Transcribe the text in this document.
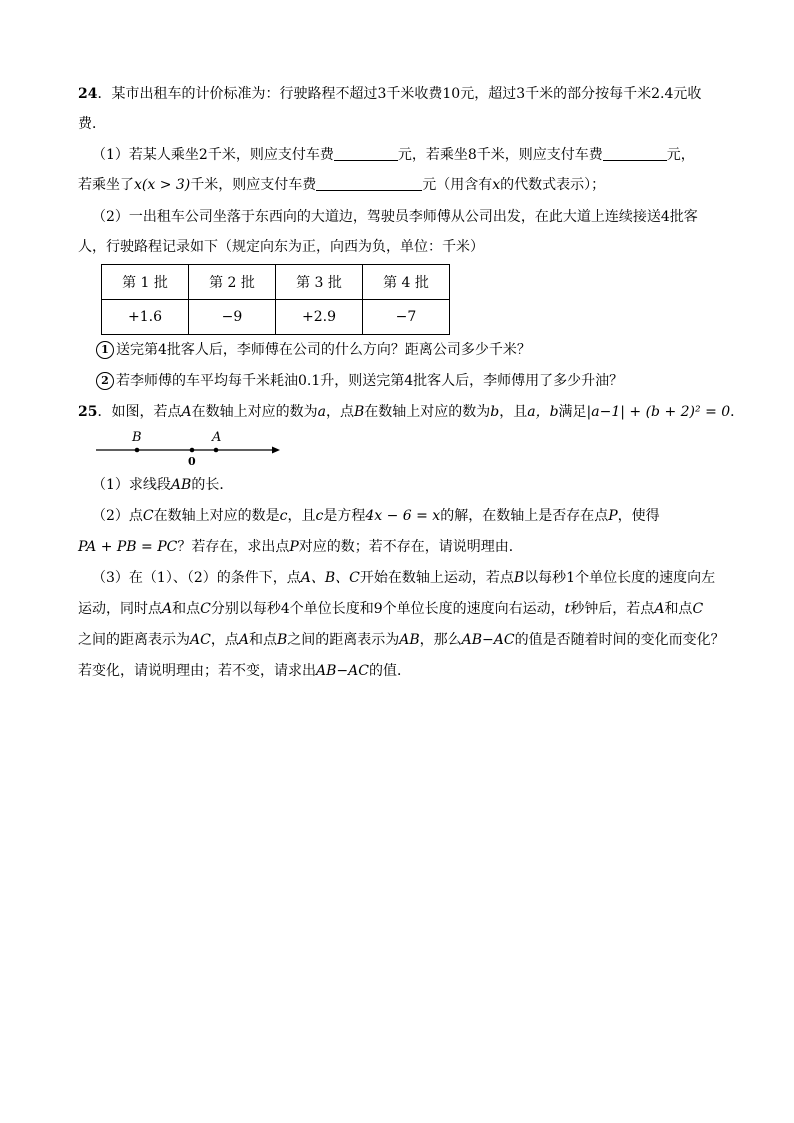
24．某市出租车的计价标准为：行驶路程不超过3千米收费10元，超过3千米的部分按每千米2.4元收
费．
（1）若某人乘坐2千米，则应支付车费	元，若乘坐8千米，则应支付车费	元，
若乘坐了x(x > 3)千米，则应支付车费	元（用含有x的代数式表示）；
（2）一出租车公司坐落于东西向的大道边，驾驶员李师傅从公司出发，在此大道上连续接送4批客
人，行驶路程记录如下（规定向东为正，向西为负，单位：千米）
第 1 批	第 2 批	第 3 批	第 4 批
+1.6	−9	+2.9	−7
1 送完第4批客人后，李师傅在公司的什么方向？距离公司多少千米？
2 若李师傅的车平均每千米耗油0.1升，则送完第4批客人后，李师傅用了多少升油？
25．如图，若点A在数轴上对应的数为a，点B在数轴上对应的数为b，且a，b满足|a−1| + (b + 2)² = 0．
B	A
0
（1）求线段AB的长．
（2）点C在数轴上对应的数是c，且c是方程4x − 6 = x的解，在数轴上是否存在点P，使得
PA + PB = PC？若存在，求出点P对应的数；若不存在，请说明理由．
（3）在（1）、（2）的条件下，点A、B、C开始在数轴上运动，若点B以每秒1个单位长度的速度向左
运动，同时点A和点C分别以每秒4个单位长度和9个单位长度的速度向右运动，t秒钟后，若点A和点C
之间的距离表示为AC，点A和点B之间的距离表示为AB，那么AB−AC的值是否随着时间的变化而变化？
若变化，请说明理由；若不变，请求出AB−AC的值．
